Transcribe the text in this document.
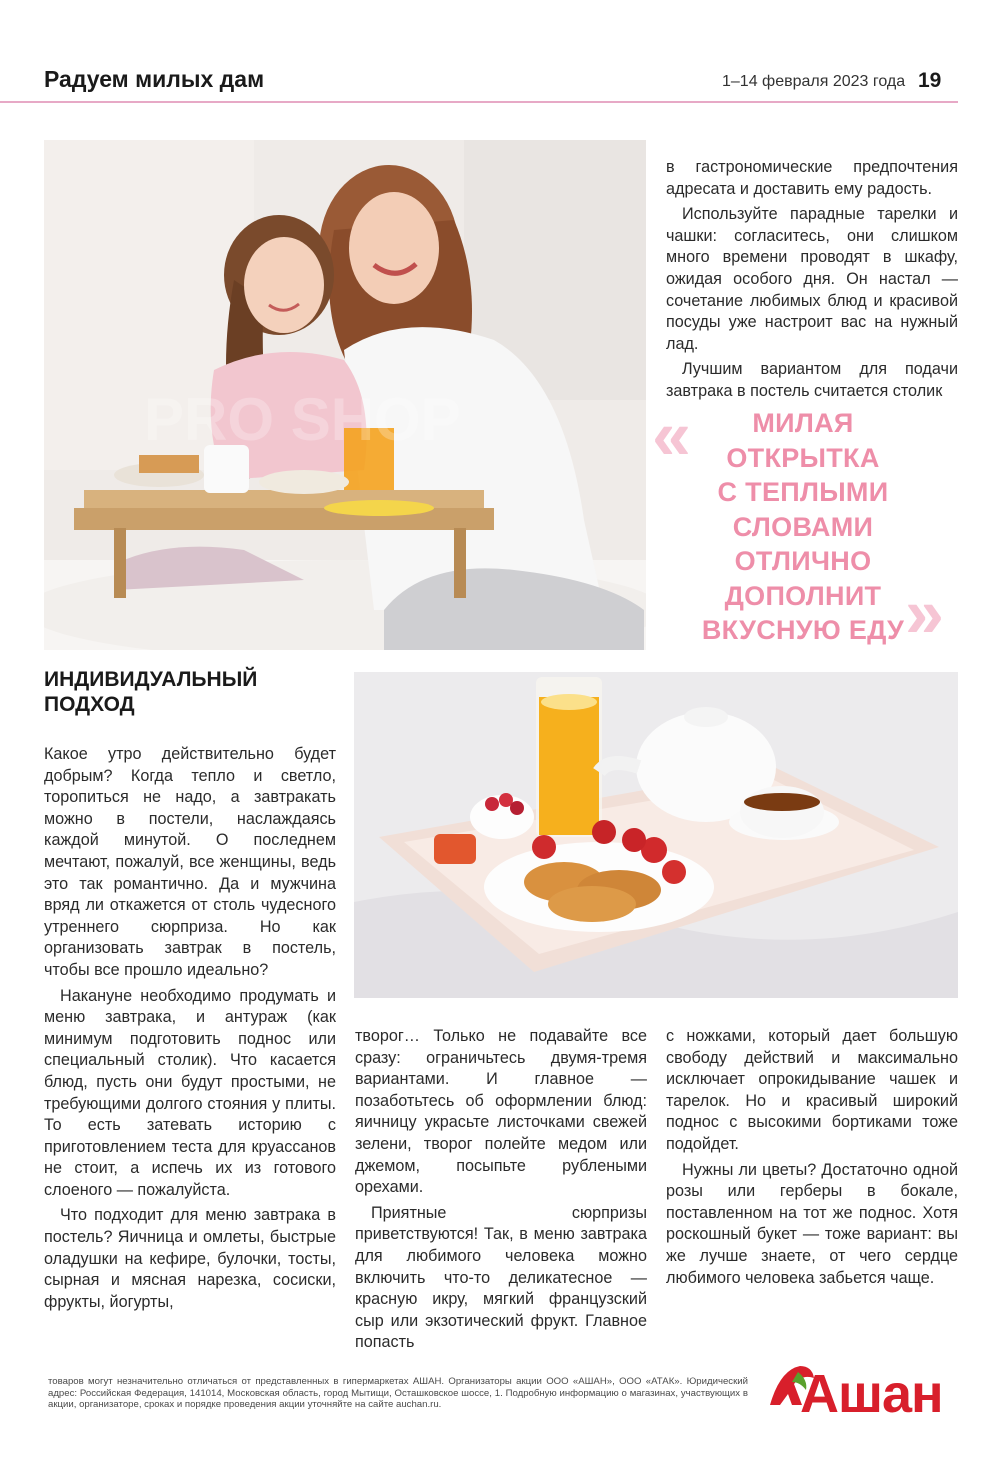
Радуем милых дам	1–14 февраля 2023 года 19
PRO SHOP

в гастрономические предпочтения адресата и доставить ему радость.

Используйте парадные тарелки и чашки: согласитесь, они слишком много времени проводят в шкафу, ожидая особого дня. Он настал — сочетание любимых блюд и красивой посуды уже настроит вас на нужный лад.

Лучшим вариантом для подачи завтрака в постель считается столик

«
»
МИЛАЯ
ОТКРЫТКА
С ТЕПЛЫМИ
СЛОВАМИ
ОТЛИЧНО
ДОПОЛНИТ
ВКУСНУЮ ЕДУ
ИНДИВИДУАЛЬНЫЙ
ПОДХОД

Какое утро действительно будет добрым? Когда тепло и светло, торопиться не надо, а завтракать можно в постели, наслаждаясь каждой минутой. О последнем мечтают, пожалуй, все женщины, ведь это так романтично. Да и мужчина вряд ли откажется от столь чудесного утреннего сюрприза. Но как организовать завтрак в постель, чтобы все прошло идеально?

Накануне необходимо продумать и меню завтрака, и антураж (как минимум подготовить поднос или специальный столик). Что касается блюд, пусть они будут простыми, не требующими долгого стояния у плиты. То есть затевать историю с приготовлением теста для круассанов не стоит, а испечь их из готового слоеного — пожалуйста.

Что подходит для меню завтрака в постель? Яичница и омлеты, быстрые оладушки на кефире, булочки, тосты, сырная и мясная нарезка, сосиски, фрукты, йогурты,

творог… Только не подавайте все сразу: ограничьтесь двумя-тремя вариантами. И главное — позаботьтесь об оформлении блюд: яичницу украсьте листочками свежей зелени, творог полейте медом или джемом, посыпьте рублеными орехами.

Приятные сюрпризы приветствуются! Так, в меню завтрака для любимого человека можно включить что-то деликатесное — красную икру, мягкий французский сыр или экзотический фрукт. Главное попасть

с ножками, который дает большую свободу действий и максимально исключает опрокидывание чашек и тарелок. Но и красивый широкий поднос с высокими бортиками тоже подойдет.

Нужны ли цветы? Достаточно одной розы или герберы в бокале, поставленном на тот же поднос. Хотя роскошный букет — тоже вариант: вы же лучше знаете, от чего сердце любимого человека забьется чаще.

товаров могут незначительно отличаться от представленных в гипермаркетах АШАН. Организаторы акции ООО «АШАН», ООО «АТАК». Юридический адрес: Российская Федерация, 141014, Московская область, город Мытищи, Осташковское шоссе, 1. Подробную информацию о магазинах, участвующих в акции, организаторе, сроках и порядке проведения акции уточняйте на сайте auchan.ru.	Ашан
